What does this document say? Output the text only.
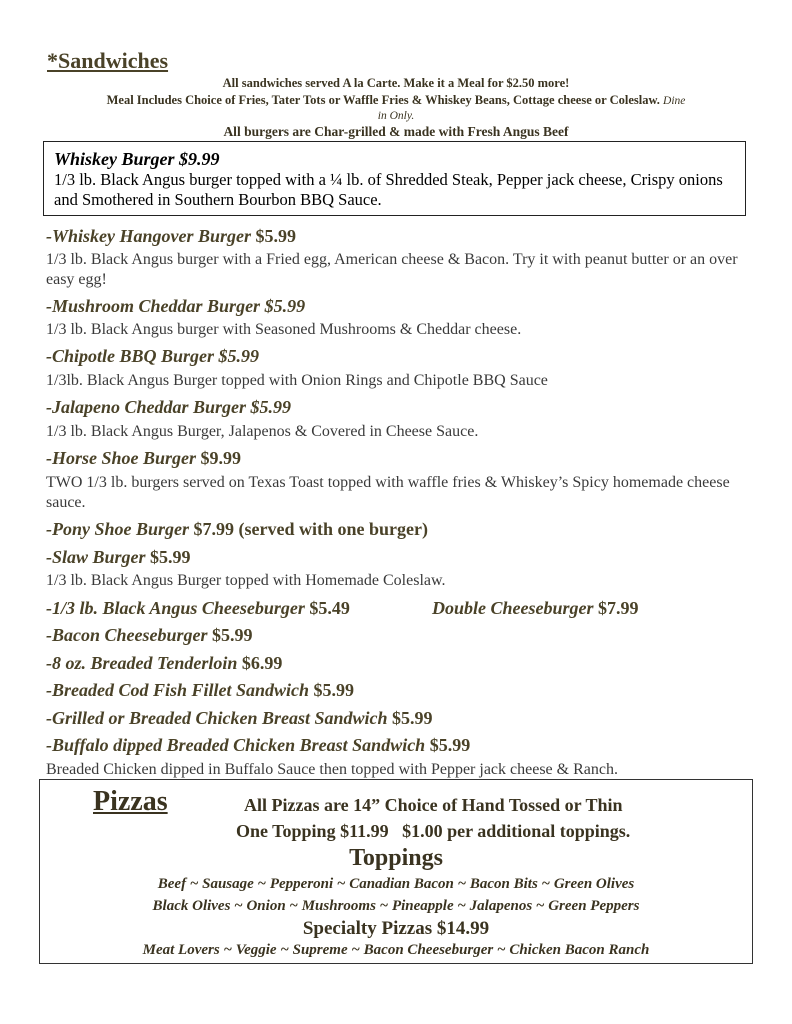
*Sandwiches
All sandwiches served A la Carte. Make it a Meal for $2.50 more!
Meal Includes Choice of Fries, Tater Tots or Waffle Fries & Whiskey Beans, Cottage cheese or Coleslaw. Dine
in Only.
All burgers are Char-grilled & made with Fresh Angus Beef
Whiskey Burger $9.99
1/3 lb. Black Angus burger topped with a ¼ lb. of Shredded Steak, Pepper jack cheese, Crispy onions and Smothered in Southern Bourbon BBQ Sauce.
-Whiskey Hangover Burger $5.99
1/3 lb. Black Angus burger with a Fried egg, American cheese & Bacon. Try it with peanut butter or an over easy egg!
-Mushroom Cheddar Burger $5.99
1/3 lb. Black Angus burger with Seasoned Mushrooms & Cheddar cheese.
-Chipotle BBQ Burger $5.99
1/3lb. Black Angus Burger topped with Onion Rings and Chipotle BBQ Sauce
-Jalapeno Cheddar Burger $5.99
1/3 lb. Black Angus Burger, Jalapenos & Covered in Cheese Sauce.
-Horse Shoe Burger $9.99
TWO 1/3 lb. burgers served on Texas Toast topped with waffle fries & Whiskey’s Spicy homemade cheese sauce.
-Pony Shoe Burger $7.99 (served with one burger)
-Slaw Burger $5.99
1/3 lb. Black Angus Burger topped with Homemade Coleslaw.
-1/3 lb. Black Angus Cheeseburger $5.49	Double Cheeseburger $7.99
-Bacon Cheeseburger $5.99
-8 oz. Breaded Tenderloin $6.99
-Breaded Cod Fish Fillet Sandwich $5.99
-Grilled or Breaded Chicken Breast Sandwich $5.99
-Buffalo dipped Breaded Chicken Breast Sandwich $5.99
Breaded Chicken dipped in Buffalo Sauce then topped with Pepper jack cheese & Ranch.
Pizzas	All Pizzas are 14” Choice of Hand Tossed or Thin
One Topping $11.99   $1.00 per additional toppings.
Toppings
Beef ~ Sausage ~ Pepperoni ~ Canadian Bacon ~ Bacon Bits ~ Green Olives
Black Olives ~ Onion ~ Mushrooms ~ Pineapple ~ Jalapenos ~ Green Peppers
Specialty Pizzas $14.99
Meat Lovers ~ Veggie ~ Supreme ~ Bacon Cheeseburger ~ Chicken Bacon Ranch
